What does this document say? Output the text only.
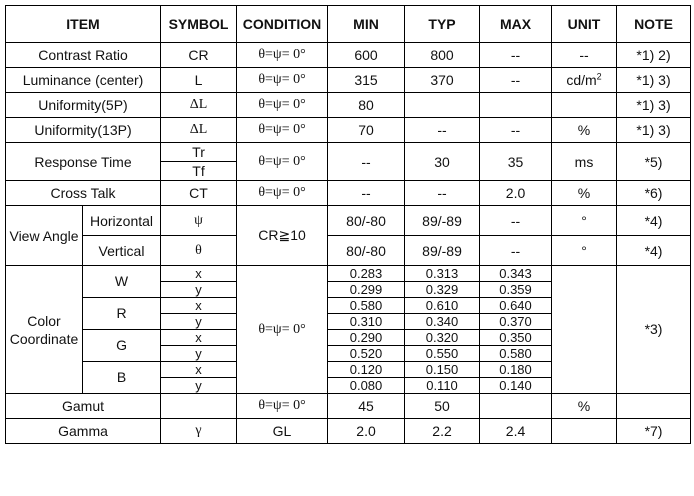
ITEM		SYMBOL	CONDITION	MIN	TYP	MAX	UNIT	NOTE
Contrast Ratio		CR	θ=ψ= 0°	600	800	--	--	*1) 2)
Luminance (center)		L	θ=ψ= 0°	315	370	--	$cd/m^2$	*1) 3)
Uniformity(5P)		ΔL	θ=ψ= 0°	80				*1) 3)
Uniformity(13P)		ΔL	θ=ψ= 0°	70	--	--	%	*1) 3)
Response Time		Tr	θ=ψ= 0°	--	30	35	ms	*5)
		Tf						
Cross Talk		CT	θ=ψ= 0°	--	--	2.0	%	*6)
View Angle	Horizontal	ψ	CR≧10	80/-80	89/-89	--	°	*4)
	Vertical	θ		80/-80	89/-89	--	°	*4)
Color
Coordinate	W	x	θ=ψ= 0°	0.283	0.313	0.343		*3)
		y		0.299	0.329	0.359		
	R	x		0.580	0.610	0.640		
		y		0.310	0.340	0.370		
	G	x		0.290	0.320	0.350		
		y		0.520	0.550	0.580		
	B	x		0.120	0.150	0.180		
		y		0.080	0.110	0.140		
Gamut			θ=ψ= 0°	45	50		%	
Gamma		γ	GL	2.0	2.2	2.4		*7)
